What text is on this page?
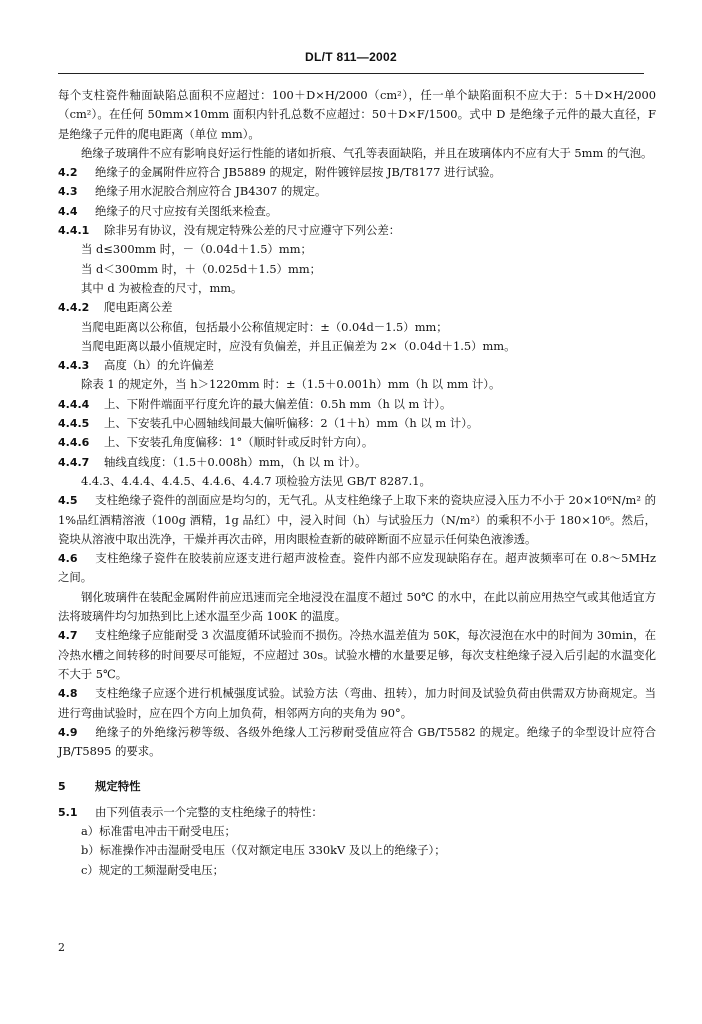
DL/T 811—2002

每个支柱瓷件釉面缺陷总面积不应超过：100＋D×H/2000（cm²），任一单个缺陷面积不应大于：5＋D×H/2000（cm²）。在任何 50mm×10mm 面积内针孔总数不应超过：50＋D×F/1500。式中 D 是绝缘子元件的最大直径，F 是绝缘子元件的爬电距离（单位 mm）。

绝缘子玻璃件不应有影响良好运行性能的诸如折痕、气孔等表面缺陷，并且在玻璃体内不应有大于 5mm 的气泡。

4.2 绝缘子的金属附件应符合 JB5889 的规定，附件镀锌层按 JB/T8177 进行试验。

4.3 绝缘子用水泥胶合剂应符合 JB4307 的规定。

4.4 绝缘子的尺寸应按有关图纸来检查。

4.4.1 除非另有协议，没有规定特殊公差的尺寸应遵守下列公差：

当 d≤300mm 时，－（0.04d＋1.5）mm；

当 d＜300mm 时，＋（0.025d＋1.5）mm；

其中 d 为被检查的尺寸，mm。

4.4.2 爬电距离公差

当爬电距离以公称值，包括最小公称值规定时：±（0.04d－1.5）mm；

当爬电距离以最小值规定时，应没有负偏差，并且正偏差为 2×（0.04d＋1.5）mm。

4.4.3 高度（h）的允许偏差

除表 1 的规定外，当 h＞1220mm 时：±（1.5＋0.001h）mm（h 以 mm 计）。

4.4.4 上、下附件端面平行度允许的最大偏差值：0.5h mm（h 以 m 计）。

4.4.5 上、下安装孔中心圆轴线间最大偏听偏移：2（1＋h）mm（h 以 m 计）。

4.4.6 上、下安装孔角度偏移：1°（顺时针或反时针方向）。

4.4.7 轴线直线度：（1.5＋0.008h）mm，（h 以 m 计）。

4.4.3、4.4.4、4.4.5、4.4.6、4.4.7 项检验方法见 GB/T 8287.1。

4.5 支柱绝缘子瓷件的剖面应是均匀的，无气孔。从支柱绝缘子上取下来的瓷块应浸入压力不小于 20×10⁶N/m² 的 1%品红酒精溶液（100g 酒精，1g 品红）中，浸入时间（h）与试验压力（N/m²）的乘积不小于 180×10⁶。然后，瓷块从溶液中取出洗净，干燥并再次击碎，用肉眼检查新的破碎断面不应显示任何染色液渗透。

4.6 支柱绝缘子瓷件在胶装前应逐支进行超声波检查。瓷件内部不应发现缺陷存在。超声波频率可在 0.8～5MHz 之间。

钢化玻璃件在装配金属附件前应迅速而完全地浸没在温度不超过 50℃ 的水中，在此以前应用热空气或其他适宜方法将玻璃件均匀加热到比上述水温至少高 100K 的温度。

4.7 支柱绝缘子应能耐受 3 次温度循环试验而不损伤。冷热水温差值为 50K，每次浸泡在水中的时间为 30min，在冷热水槽之间转移的时间要尽可能短，不应超过 30s。试验水槽的水量要足够，每次支柱绝缘子浸入后引起的水温变化不大于 5℃。

4.8 支柱绝缘子应逐个进行机械强度试验。试验方法（弯曲、扭转），加力时间及试验负荷由供需双方协商规定。当进行弯曲试验时，应在四个方向上加负荷，相邻两方向的夹角为 90°。

4.9 绝缘子的外绝缘污秽等级、各级外绝缘人工污秽耐受值应符合 GB/T5582 的规定。绝缘子的伞型设计应符合 JB/T5895 的要求。

5	规定特性

5.1 由下列值表示一个完整的支柱绝缘子的特性：

a）标准雷电冲击干耐受电压；

b）标准操作冲击湿耐受电压（仅对额定电压 330kV 及以上的绝缘子）；

c）规定的工频湿耐受电压；

2
